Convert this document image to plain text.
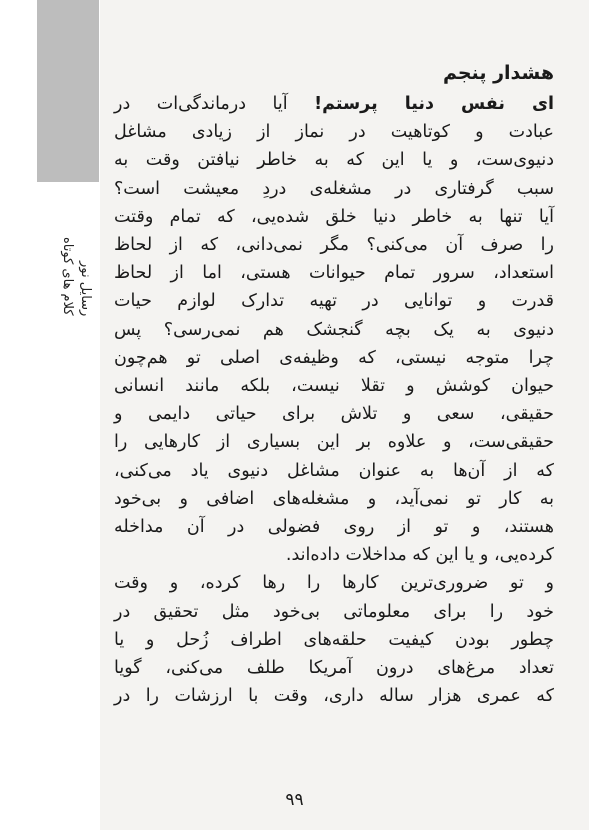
رسایل نور
کلام های کوتاه
هشدار پنجم
ای نفس دنیا پرستم! آیا درماندگی‌ات در
عبادت و کوتاهیت در نماز از زیادی مشاغل
دنیوی‌ست، و یا این که به خاطر نیافتن وقت به
سبب گرفتاری در مشغله‌ی دردِ معیشت است؟
آیا تنها به خاطر دنیا خلق شده‌یی، که تمام وقتت
را صرف آن می‌کنی؟ مگر نمی‌دانی، که از لحاظ
استعداد، سرور تمام حیوانات هستی، اما از لحاظ
قدرت و توانایی در تهیه تدارک لوازم حیات
دنیوی به یک بچه گنجشک هم نمی‌رسی؟ پس
چرا متوجه نیستی، که وظیفه‌ی اصلی تو هم‌چون
حیوان کوشش و تقلا نیست، بلکه مانند انسانی
حقیقی، سعی و تلاش برای حیاتی دایمی و
حقیقی‌ست، و علاوه بر این بسیاری از کارهایی را
که از آن‌ها به عنوان مشاغل دنیوی یاد می‌کنی،
به کار تو نمی‌آید، و مشغله‌های اضافی و بی‌خود
هستند، و تو از روی فضولی در آن مداخله
کرده‌یی، و یا این که مداخلات داده‌اند.
و تو ضروری‌ترین کارها را رها کرده، و وقت
خود را برای معلوماتی بی‌خود مثل تحقیق در
چطور بودن کیفیت حلقه‌های اطراف زُحل و یا
تعداد مرغ‌های درون آمریکا طلف می‌کنی، گویا
که عمری هزار ساله داری، وقت با ارزشات را در
۹۹
